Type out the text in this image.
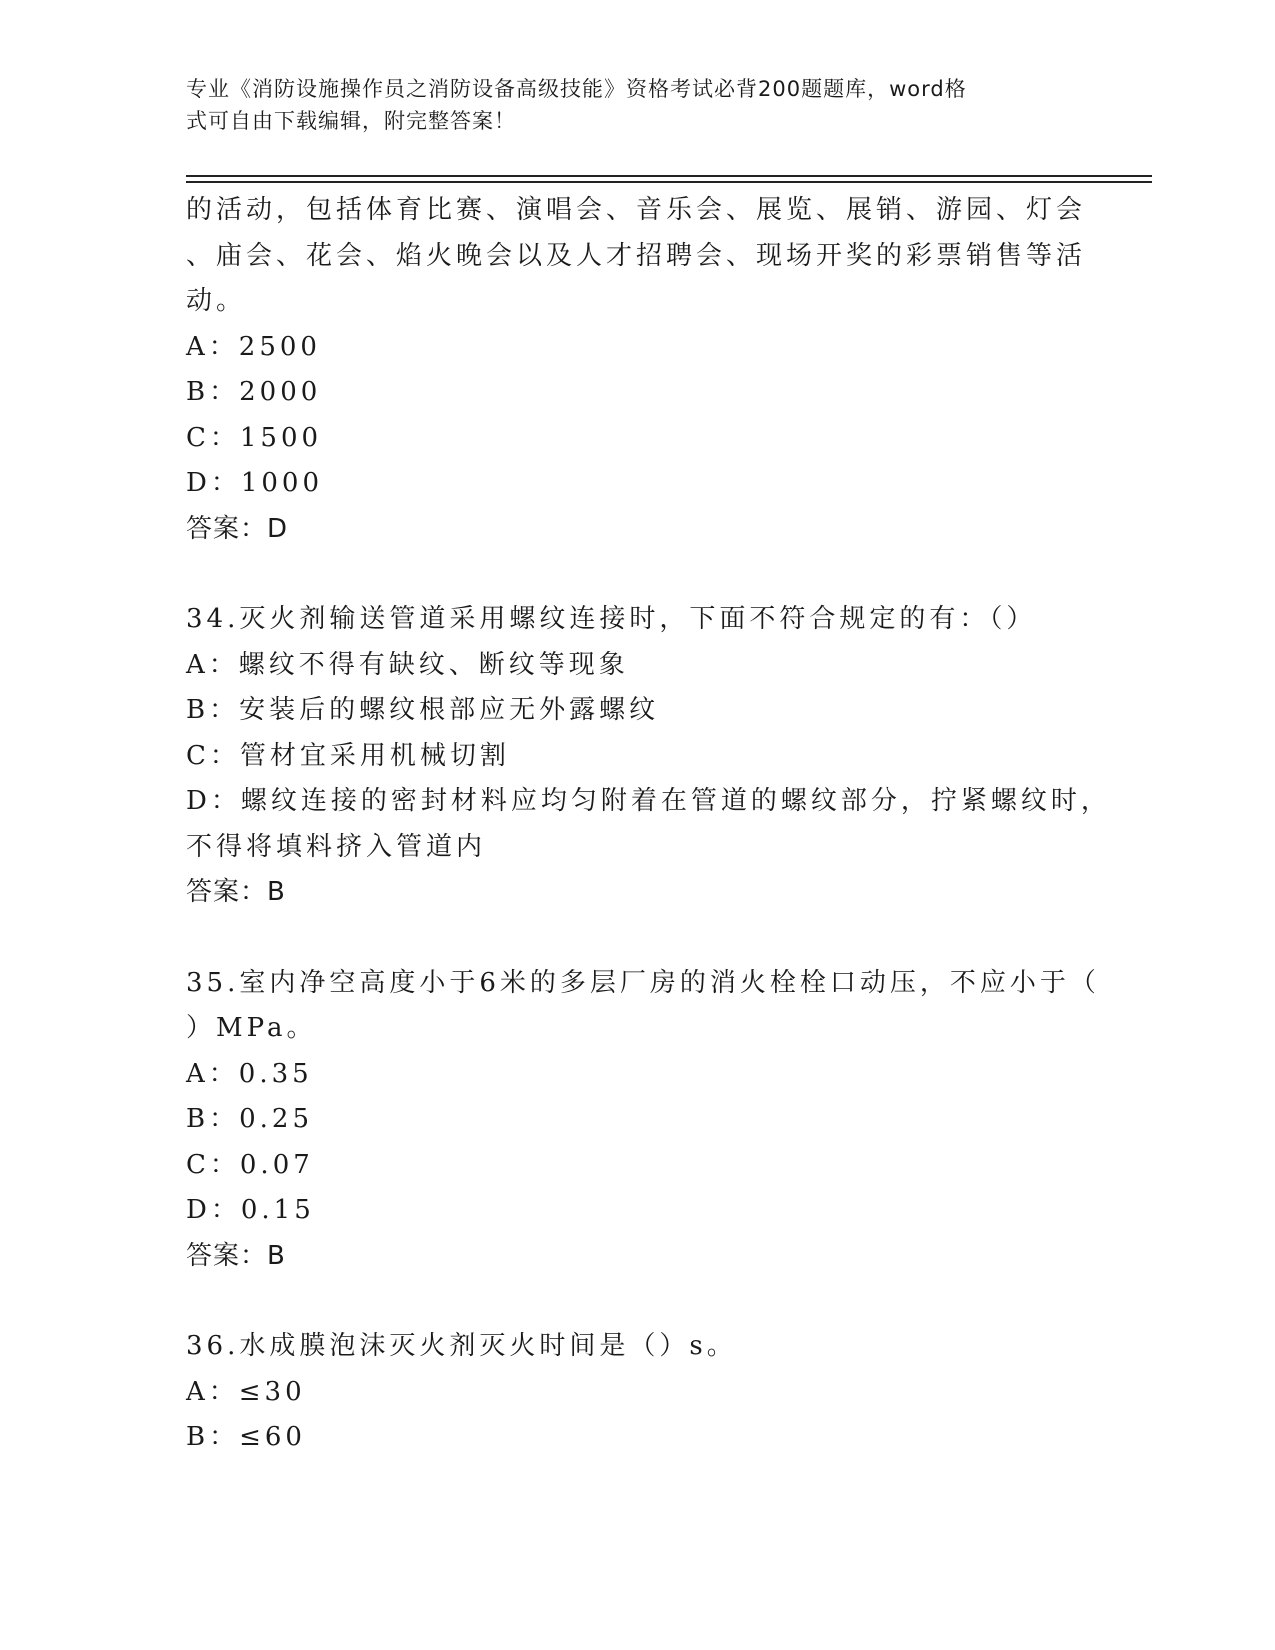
专业《消防设施操作员之消防设备高级技能》资格考试必背200题题库，word格
式可自由下载编辑，附完整答案！
的活动，包括体育比赛、演唱会、音乐会、展览、展销、游园、灯会
、庙会、花会、焰火晚会以及人才招聘会、现场开奖的彩票销售等活
动。
A：2500
B：2000
C：1500
D：1000
答案：D
34.灭火剂输送管道采用螺纹连接时，下面不符合规定的有：（）
A：螺纹不得有缺纹、断纹等现象
B：安装后的螺纹根部应无外露螺纹
C：管材宜采用机械切割
D：螺纹连接的密封材料应均匀附着在管道的螺纹部分，拧紧螺纹时，
不得将填料挤入管道内
答案：B
35.室内净空高度小于6米的多层厂房的消火栓栓口动压，不应小于（
）MPa。
A：0.35
B：0.25
C：0.07
D：0.15
答案：B
36.水成膜泡沫灭火剂灭火时间是（）s。
A：≤30
B：≤60
